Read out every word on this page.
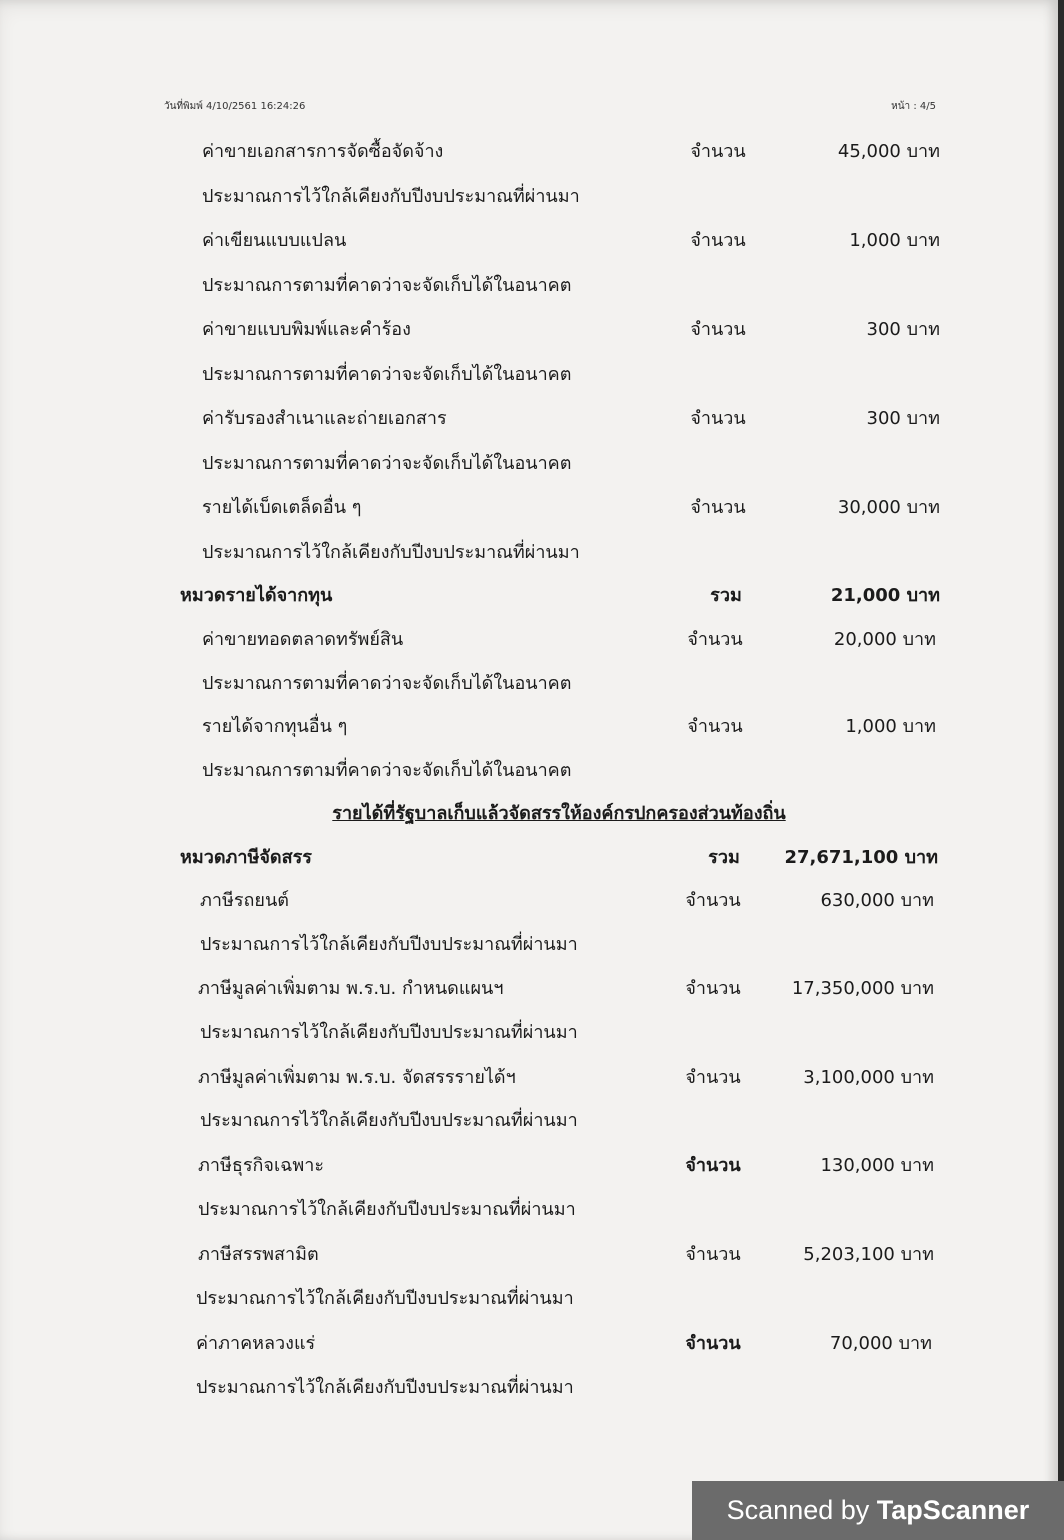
วันที่พิมพ์ 4/10/2561 16:24:26	หน้า : 4/5
ค่าขายเอกสารการจัดซื้อจัดจ้าง	จำนวน	45,000 บาท
ประมาณการไว้ใกล้เคียงกับปีงบประมาณที่ผ่านมา
ค่าเขียนแบบแปลน	จำนวน	1,000 บาท
ประมาณการตามที่คาดว่าจะจัดเก็บได้ในอนาคต
ค่าขายแบบพิมพ์และคำร้อง	จำนวน	300 บาท
ประมาณการตามที่คาดว่าจะจัดเก็บได้ในอนาคต
ค่ารับรองสำเนาและถ่ายเอกสาร	จำนวน	300 บาท
ประมาณการตามที่คาดว่าจะจัดเก็บได้ในอนาคต
รายได้เบ็ดเตล็ดอื่น ๆ	จำนวน	30,000 บาท
ประมาณการไว้ใกล้เคียงกับปีงบประมาณที่ผ่านมา
หมวดรายได้จากทุน	รวม	21,000 บาท
ค่าขายทอดตลาดทรัพย์สิน	จำนวน	20,000 บาท
ประมาณการตามที่คาดว่าจะจัดเก็บได้ในอนาคต
รายได้จากทุนอื่น ๆ	จำนวน	1,000 บาท
ประมาณการตามที่คาดว่าจะจัดเก็บได้ในอนาคต
รายได้ที่รัฐบาลเก็บแล้วจัดสรรให้องค์กรปกครองส่วนท้องถิ่น
หมวดภาษีจัดสรร	รวม	27,671,100 บาท
ภาษีรถยนต์	จำนวน	630,000 บาท
ประมาณการไว้ใกล้เคียงกับปีงบประมาณที่ผ่านมา
ภาษีมูลค่าเพิ่มตาม พ.ร.บ. กำหนดแผนฯ	จำนวน	17,350,000 บาท
ประมาณการไว้ใกล้เคียงกับปีงบประมาณที่ผ่านมา
ภาษีมูลค่าเพิ่มตาม พ.ร.บ. จัดสรรรายได้ฯ	จำนวน	3,100,000 บาท
ประมาณการไว้ใกล้เคียงกับปีงบประมาณที่ผ่านมา
ภาษีธุรกิจเฉพาะ	จำนวน	130,000 บาท
ประมาณการไว้ใกล้เคียงกับปีงบประมาณที่ผ่านมา
ภาษีสรรพสามิต	จำนวน	5,203,100 บาท
ประมาณการไว้ใกล้เคียงกับปีงบประมาณที่ผ่านมา
ค่าภาคหลวงแร่	จำนวน	70,000 บาท
ประมาณการไว้ใกล้เคียงกับปีงบประมาณที่ผ่านมา
Scanned by TapScanner
